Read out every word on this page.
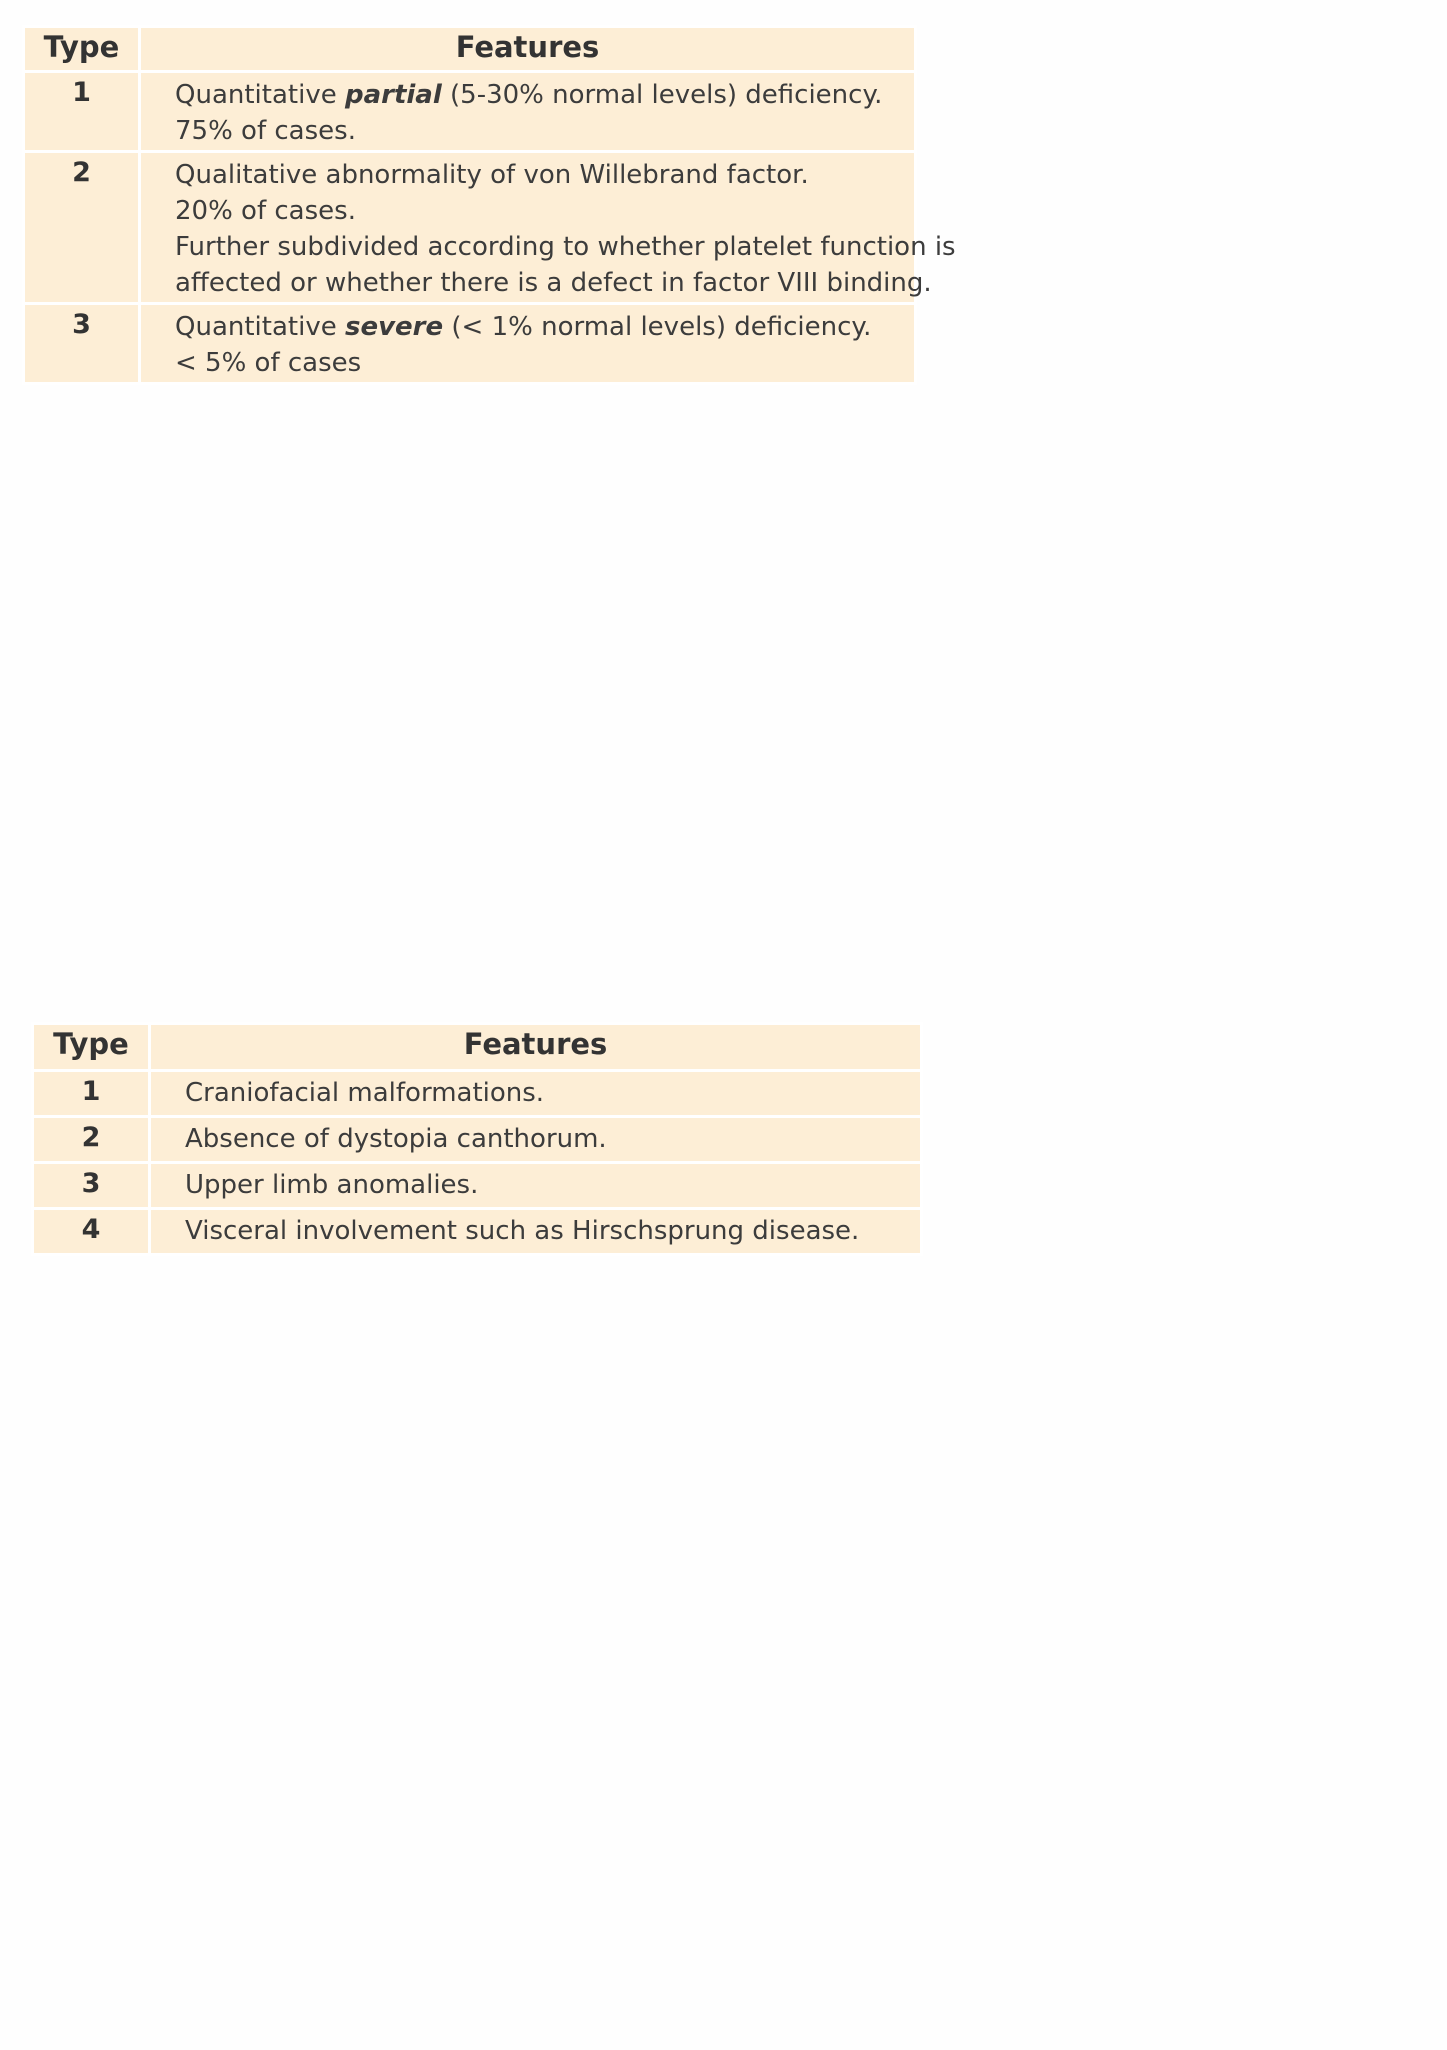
Type	Features
1	Quantitative partial (5-30% normal levels) deficiency.
75% of cases.

2	Qualitative abnormality of von Willebrand factor.
20% of cases.
Further subdivided according to whether platelet function is
affected or whether there is a defect in factor VIII binding.

3	Quantitative severe (< 1% normal levels) deficiency.
< 5% of cases
Type	Features
1	Craniofacial malformations.

2	Absence of dystopia canthorum.

3	Upper limb anomalies.

4	Visceral involvement such as Hirschsprung disease.
